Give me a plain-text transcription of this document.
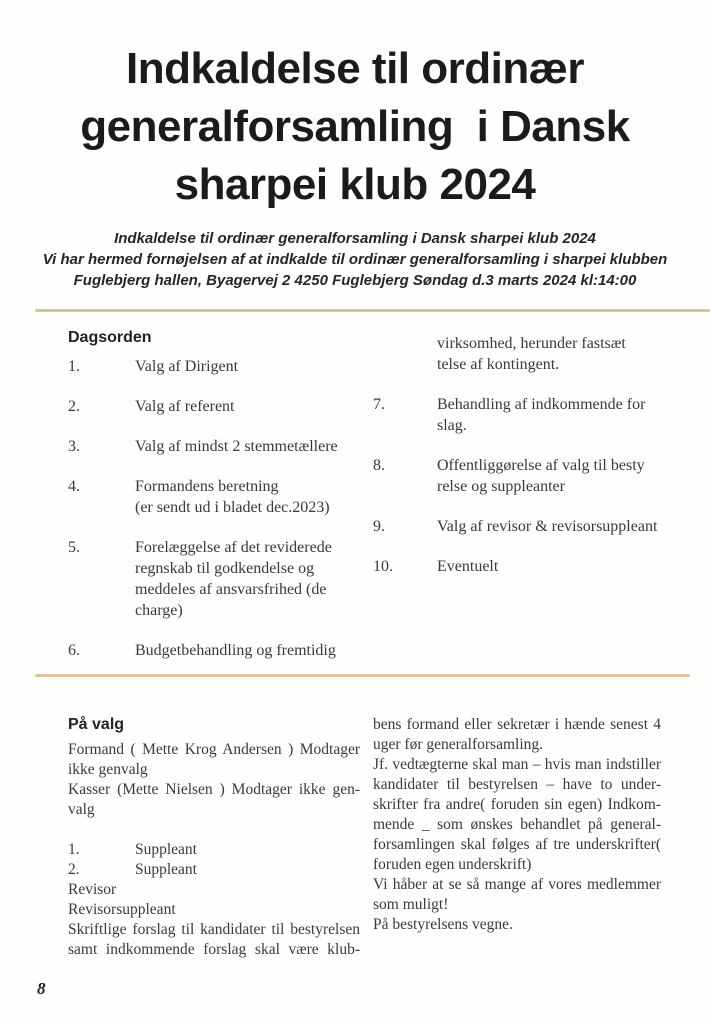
Indkaldelse til ordinær
generalforsamling  i Dansk
sharpei klub 2024
Indkaldelse til ordinær generalforsamling i Dansk sharpei klub 2024
Vi har hermed fornøjelsen af at indkalde til ordinær generalforsamling i sharpei klubben
Fuglebjerg hallen, Byagervej 2 4250 Fuglebjerg Søndag d.3 marts 2024 kl:14:00
Dagsorden
1.	Valg af Dirigent
2.	Valg af referent
3.	Valg af mindst 2 stemmetællere
4.	Formandens beretning
(er sendt ud i bladet dec.2023)
5.	Forelæggelse af det reviderede
regnskab til godkendelse og
meddeles af ansvarsfrihed (de
charge)
6.	Budgetbehandling og fremtidig
virksomhed, herunder fastsæt
telse af kontingent.
7.	Behandling af indkommende for
slag.
8.	Offentliggørelse af valg til besty
relse og suppleanter
9.	Valg af revisor & revisorsuppleant
10.	Eventuelt
På valg
Formand ( Mette Krog Andersen ) Modtager
ikke genvalg
Kasser (Mette Nielsen ) Modtager ikke gen-
valg
1.	Suppleant
2.	Suppleant
Revisor
Revisorsuppleant
Skriftlige forslag til kandidater til bestyrelsen
samt indkommende forslag skal være klub-
bens formand eller sekretær i hænde senest 4
uger før generalforsamling.
Jf. vedtægterne skal man – hvis man indstiller
kandidater til bestyrelsen – have to under-
skrifter fra andre( foruden sin egen) Indkom-
mende _ som ønskes behandlet på general-
forsamlingen skal følges af tre underskrifter(
foruden egen underskrift)
Vi håber at se så mange af vores medlemmer
som muligt!
På bestyrelsens vegne.
8
